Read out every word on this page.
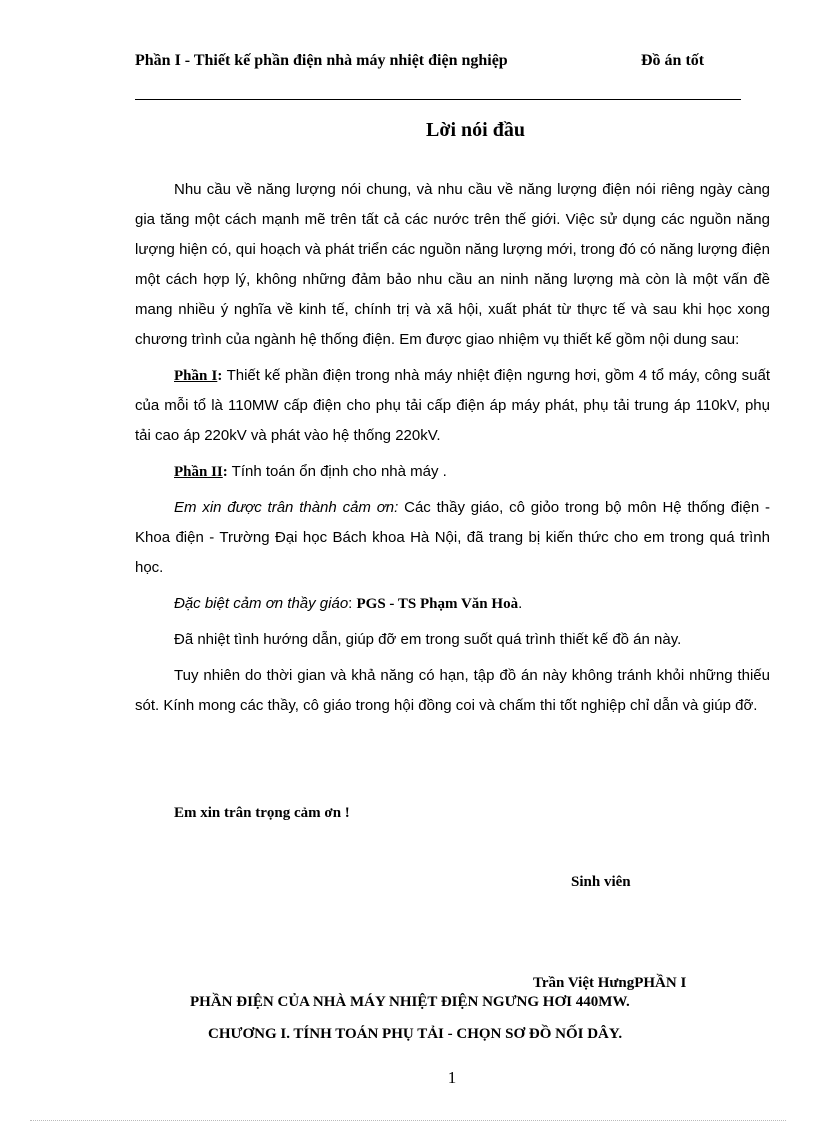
Phần I - Thiết kế phần điện nhà máy nhiệt điện nghiệp	Đồ án tốt
Lời nói đầu

Nhu cầu về năng lượng nói chung, và nhu cầu về năng lượng điện nói riêng ngày càng gia tăng một cách mạnh mẽ trên tất cả các nước trên thế giới. Việc sử dụng các nguồn năng lượng hiện có, qui hoạch và phát triển các nguồn năng lượng mới, trong đó có năng lượng điện một cách hợp lý, không những đảm bảo nhu cầu an ninh năng lượng mà còn là một vấn đề mang nhiều ý nghĩa về kinh tế, chính trị và xã hội, xuất phát từ thực tế và sau khi học xong chương trình của ngành hệ thống điện. Em được giao nhiệm vụ thiết kế gồm nội dung sau:

Phần I: Thiết kế phần điện trong nhà máy nhiệt điện ngưng hơi, gồm 4 tổ máy, công suất của mỗi tổ là 110MW cấp điện cho phụ tải cấp điện áp máy phát, phụ tải trung áp 110kV, phụ tải cao áp 220kV và phát vào hệ thống 220kV.

Phần II: Tính toán ổn định cho nhà máy .

Em xin được trân thành cảm ơn: Các thầy giáo, cô giỏo trong bộ môn Hệ thống điện - Khoa điện - Trường Đại học Bách khoa Hà Nội, đã trang bị kiến thức cho em trong quá trình học.

Đặc biệt cảm ơn thầy giáo: PGS - TS Phạm Văn Hoà.

Đã nhiệt tình hướng dẫn, giúp đỡ em trong suốt quá trình thiết kế đồ án này.

Tuy nhiên do thời gian và khả năng có hạn, tập đồ án này không tránh khỏi những thiếu sót. Kính mong các thầy, cô giáo trong hội đồng coi và chấm thi tốt nghiệp chỉ dẫn và giúp đỡ.

Em xin trân trọng cảm ơn !
Sinh viên
Trần Việt HưngPHẦN I
PHẦN ĐIỆN CỦA NHÀ MÁY NHIỆT ĐIỆN NGƯNG HƠI 440MW.
CHƯƠNG I. TÍNH TOÁN PHỤ TẢI - CHỌN SƠ ĐỒ NỐI DÂY.
1
